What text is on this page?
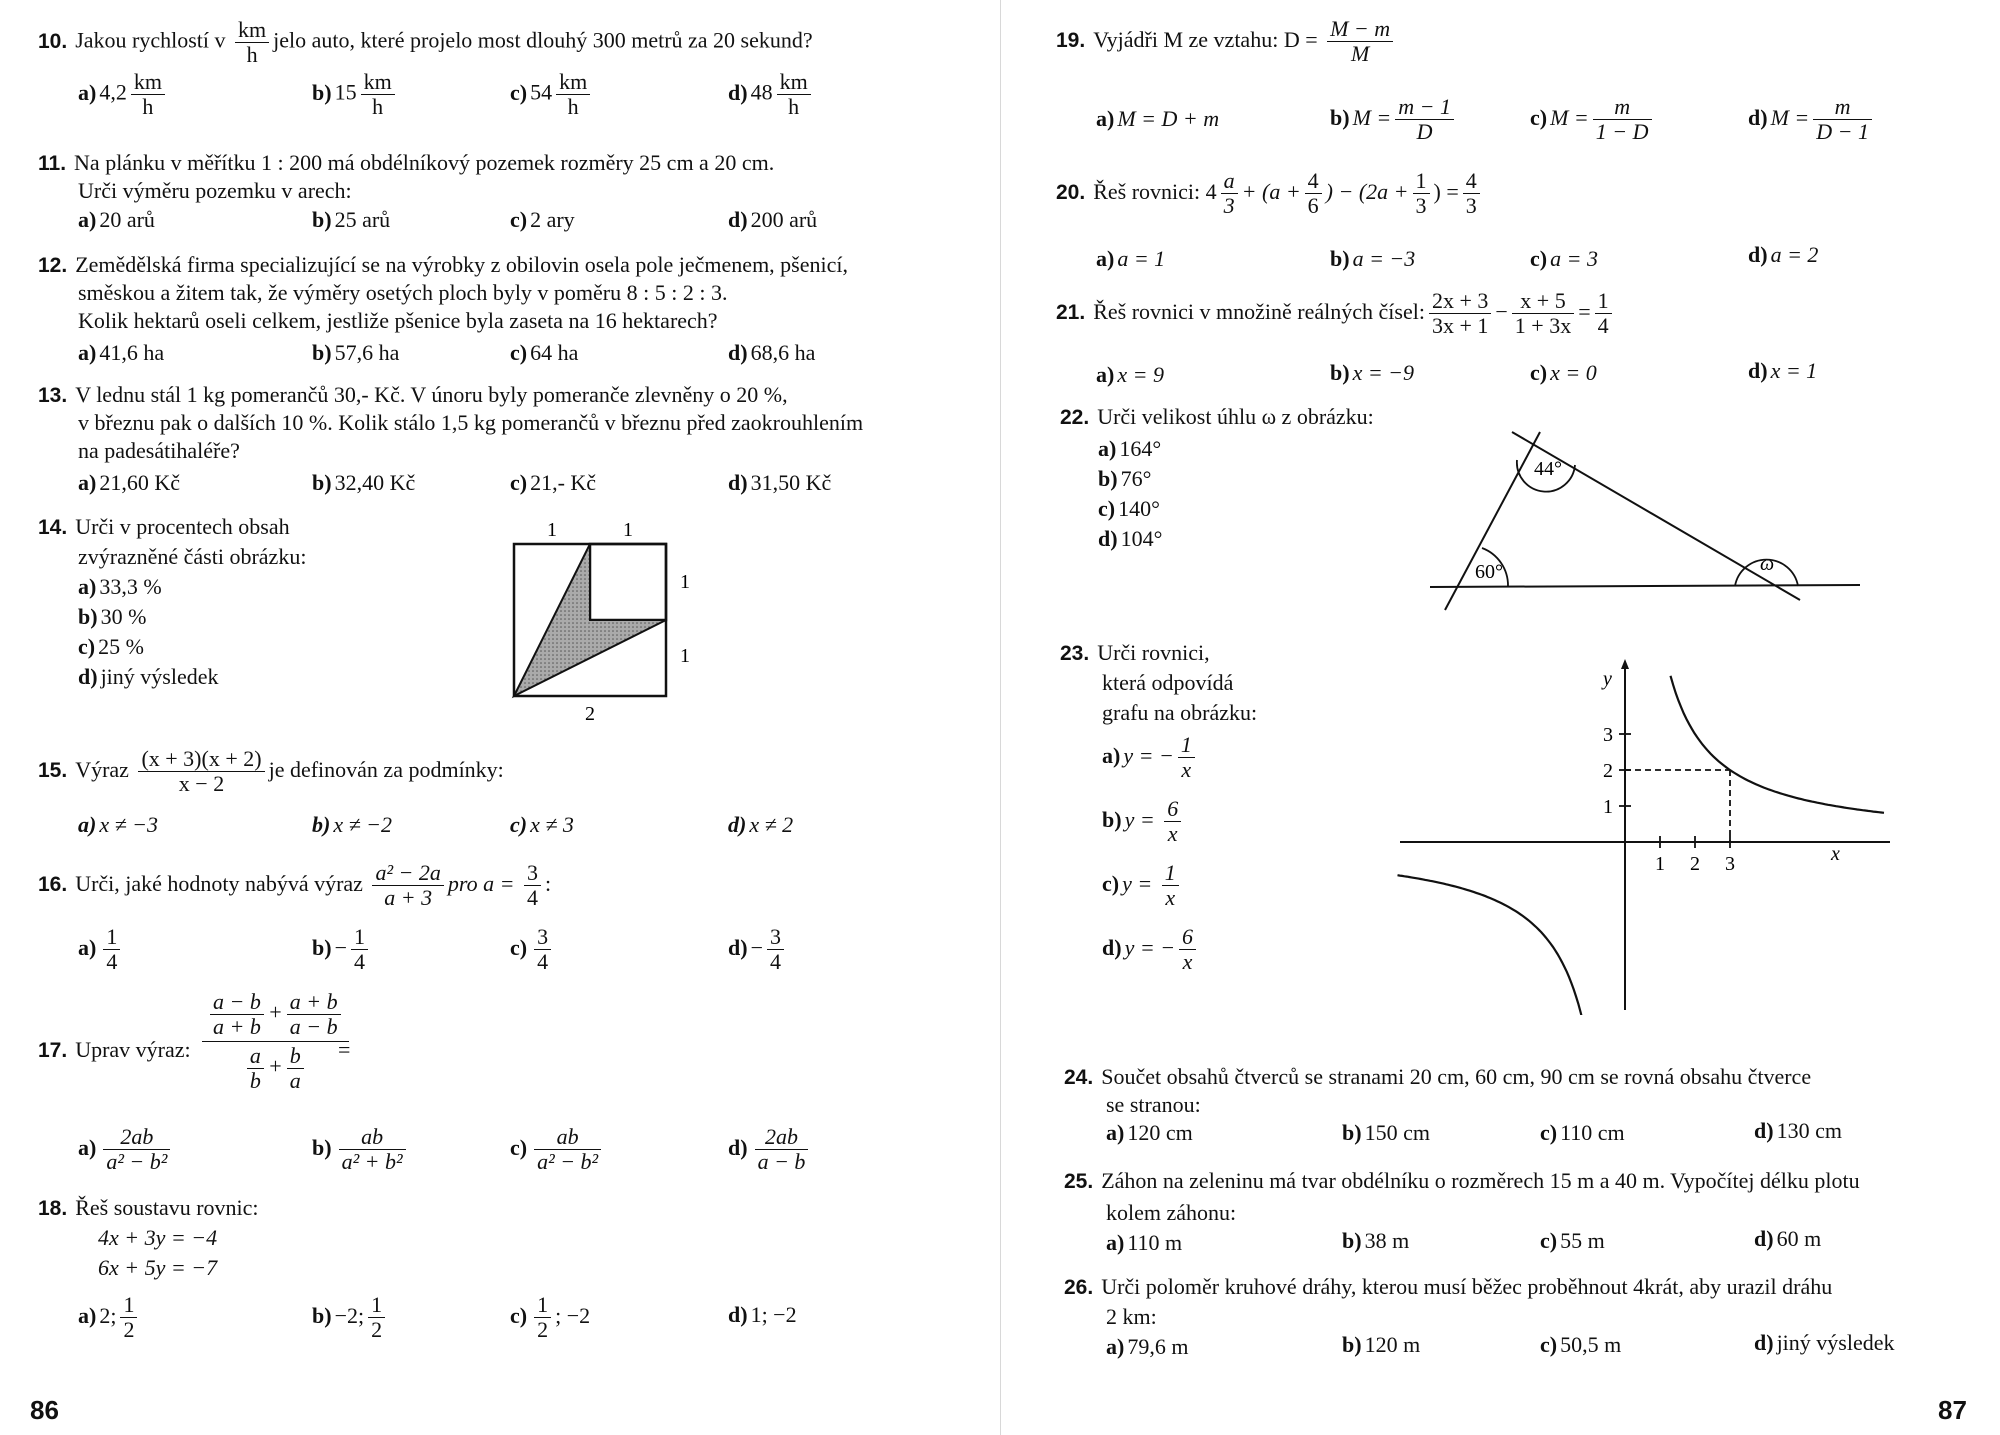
10. Jakou rychlostí v $\frac{km}{h}$ jelo auto, které projelo most dlouhý 300 metrů za 20 sekund?
a) $4,2 \frac{km}{h}$	b) $15 \frac{km}{h}$	c) $54 \frac{km}{h}$	d) $48 \frac{km}{h}$
11. Na plánku v měřítku 1 : 200 má obdélníkový pozemek rozměry 25 cm a 20 cm.
Urči výměru pozemku v arech:
a) 20 arů	b) 25 arů	c) 2 ary	d) 200 arů
12. Zemědělská firma specializující se na výrobky z obilovin osela pole ječmenem, pšenicí,
směskou a žitem tak, že výměry osetých ploch byly v poměru 8 : 5 : 2 : 3.
Kolik hektarů oseli celkem, jestliže pšenice byla zaseta na 16 hektarech?
a) 41,6 ha	b) 57,6 ha	c) 64 ha	d) 68,6 ha
13. V lednu stál 1 kg pomerančů 30,- Kč. V únoru byly pomeranče zlevněny o 20 %,
v březnu pak o dalších 10 %. Kolik stálo 1,5 kg pomerančů v březnu před zaokrouhlením
na padesátihaléře?
a) 21,60 Kč	b) 32,40 Kč	c) 21,- Kč	d) 31,50 Kč
14. Urči v procentech obsah
zvýrazněné části obrázku:
a) 33,3 %
b) 30 %
c) 25 %
d) jiný výsledek
1	1
1
1
2
15. Výraz $\frac{(x + 3)(x + 2)}{x - 2}$ je definován za podmínky:
a) x ≠ −3	b) x ≠ −2	c) x ≠ 3	d) x ≠ 2
16. Urči, jaké hodnoty nabývá výraz $\frac{\text{a² − 2a}}{a + 3}$ pro $a = \frac{3}{4}$ :
$a) \frac{1}{4}$	$b) - \frac{1}{4}$	$c) \frac{3}{4}$	$d) - \frac{3}{4}$
17. Uprav výraz:
$\frac{a - b}{a + b} + \frac{a + b}{a - b}$
$\frac{a}{b} + \frac{b}{a}$ =
$a) \frac{2ab}{\text{a² − b²}}$	$b) \frac{ab}{\text{a² + b²}}$	$c) \frac{ab}{\text{a² − b²}}$	$d) \frac{2ab}{a - b}$
18. Řeš soustavu rovnic:
4x + 3y = −4
6x + 5y = −7
a) 2; $\frac{1}{2}$	b) −2; $\frac{1}{2}$	$c) \frac{1}{2}$ ; −2	d) 1; −2
86
19. Vyjádři M ze vztahu: $D = \frac{M - m}{M}$
a) M = D + m	b) $M = \frac{m - 1}{D}$	c) $M = \frac{m}{1 - D}$	d) $M = \frac{m}{D - 1}$
20. Řeš rovnici: $4 \frac{a}{3} + (a + \frac{4}{6}$ ) − ($2a + \frac{1}{3}$ ) = $\frac{4}{3}$
a) a = 1	b) a = −3	c) a = 3	d) a = 2
21. Řeš rovnici v množině reálných čísel: $\frac{2x + 3}{3x + 1} - \frac{x + 5}{1 + 3x} = \frac{1}{4}$
a) x = 9	b) x = −9	c) x = 0	d) x = 1
22. Urči velikost úhlu ω z obrázku:
a) 164°
b) 76°
c) 140°
d) 104°
44°
60°	ω
23. Urči rovnici,
která odpovídá
grafu na obrázku:
a) y = − $\frac{1}{x}$
b) $y = \frac{6}{x}$
c) $y = \frac{1}{x}$
d) y = − $\frac{6}{x}$
1 2 3
1
2
3
y
x
24. Součet obsahů čtverců se stranami 20 cm, 60 cm, 90 cm se rovná obsahu čtverce
se stranou:
a) 120 cm	b) 150 cm	c) 110 cm	d) 130 cm
25. Záhon na zeleninu má tvar obdélníku o rozměrech 15 m a 40 m. Vypočítej délku plotu
kolem záhonu:
a) 110 m	b) 38 m	c) 55 m	d) 60 m
26. Urči poloměr kruhové dráhy, kterou musí běžec proběhnout 4krát, aby urazil dráhu
2 km:
a) 79,6 m	b) 120 m	c) 50,5 m	d) jiný výsledek
87
